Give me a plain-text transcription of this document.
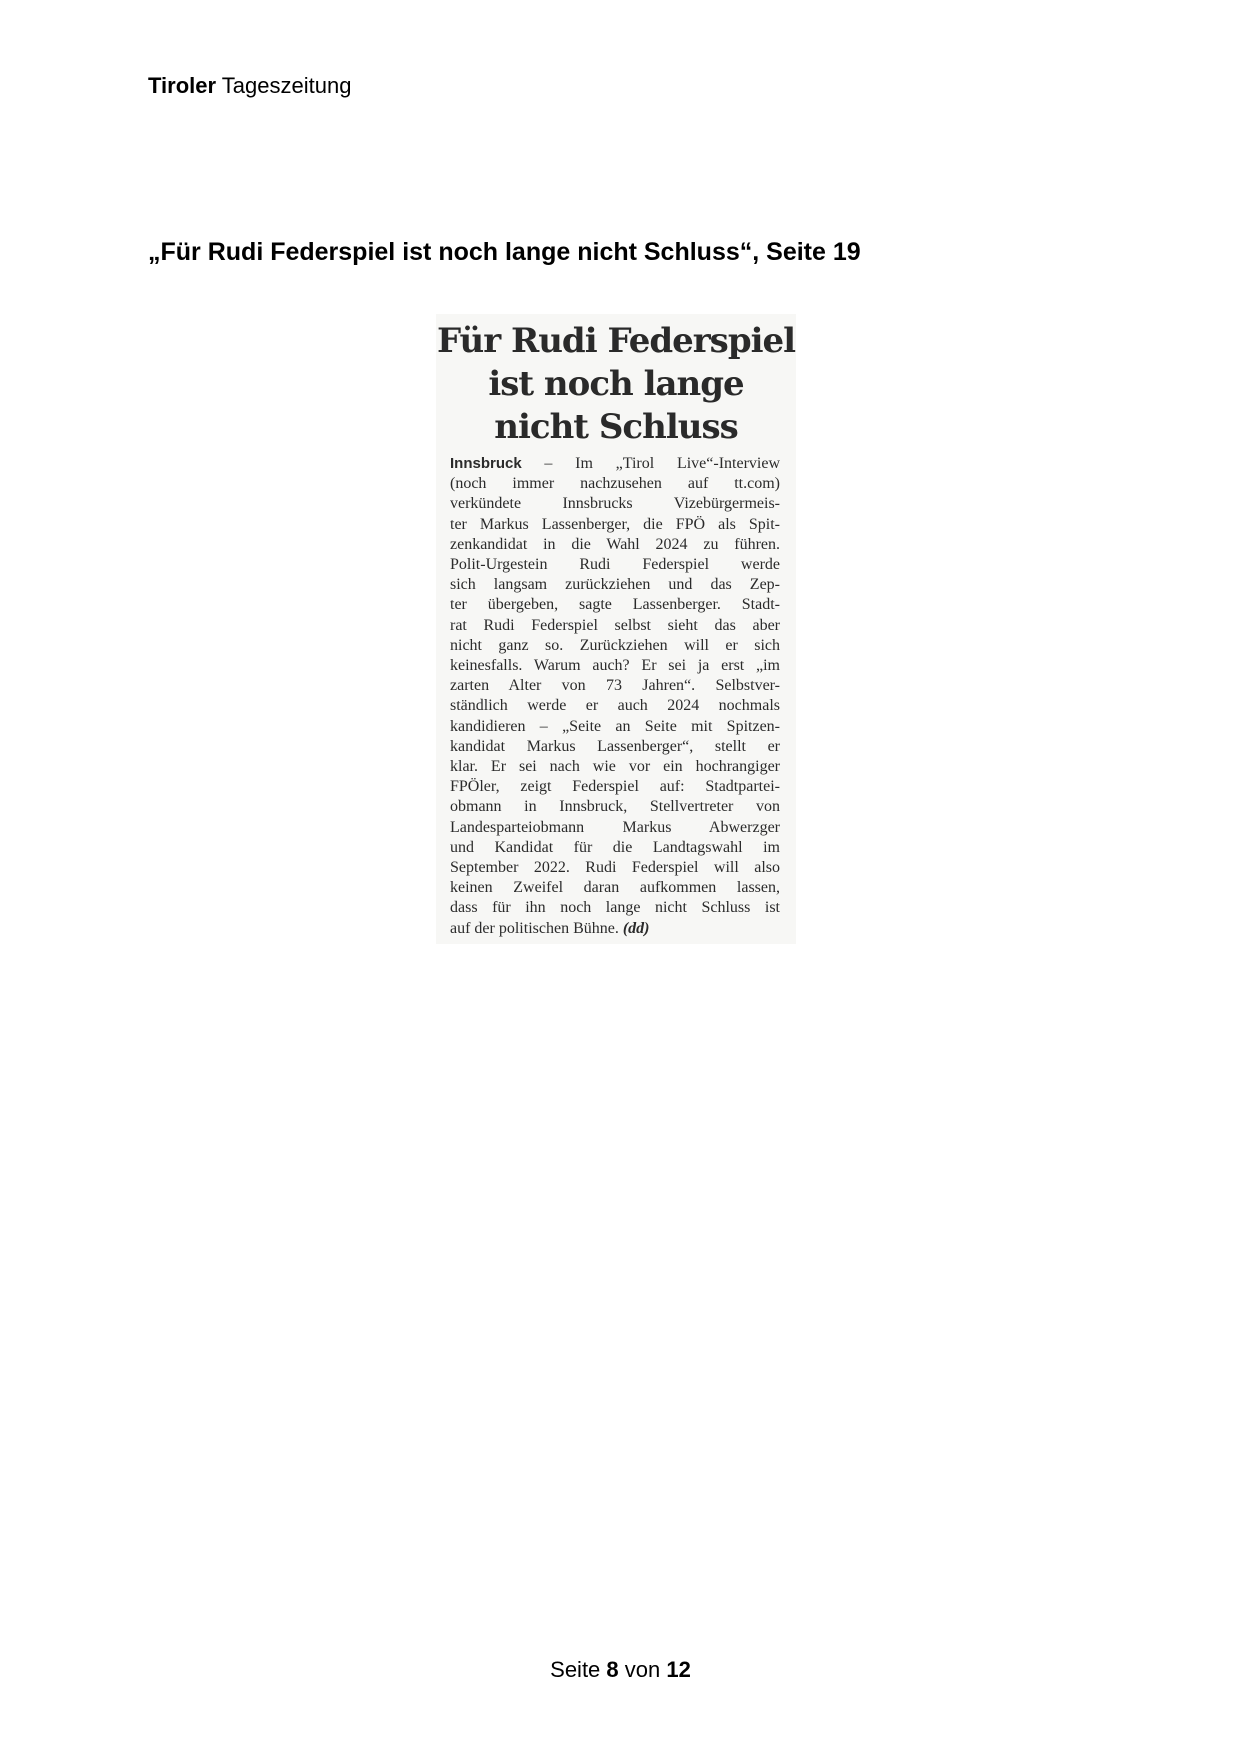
Tiroler Tageszeitung
„Für Rudi Federspiel ist noch lange nicht Schluss“, Seite 19
Für Rudi Federspiel
ist noch lange
nicht Schluss
Innsbruck – Im „Tirol Live“-Interview
(noch immer nachzusehen auf tt.com)
verkündete Innsbrucks Vizebürgermeis-
ter Markus Lassenberger, die FPÖ als Spit-
zenkandidat in die Wahl 2024 zu führen.
Polit-Urgestein Rudi Federspiel werde
sich langsam zurückziehen und das Zep-
ter übergeben, sagte Lassenberger. Stadt-
rat Rudi Federspiel selbst sieht das aber
nicht ganz so. Zurückziehen will er sich
keinesfalls. Warum auch? Er sei ja erst „im
zarten Alter von 73 Jahren“. Selbstver-
ständlich werde er auch 2024 nochmals
kandidieren – „Seite an Seite mit Spitzen-
kandidat Markus Lassenberger“, stellt er
klar. Er sei nach wie vor ein hochrangiger
FPÖler, zeigt Federspiel auf: Stadtpartei-
obmann in Innsbruck, Stellvertreter von
Landesparteiobmann Markus Abwerzger
und Kandidat für die Landtagswahl im
September 2022. Rudi Federspiel will also
keinen Zweifel daran aufkommen lassen,
dass für ihn noch lange nicht Schluss ist
auf der politischen Bühne. (dd)
Seite 8 von 12
